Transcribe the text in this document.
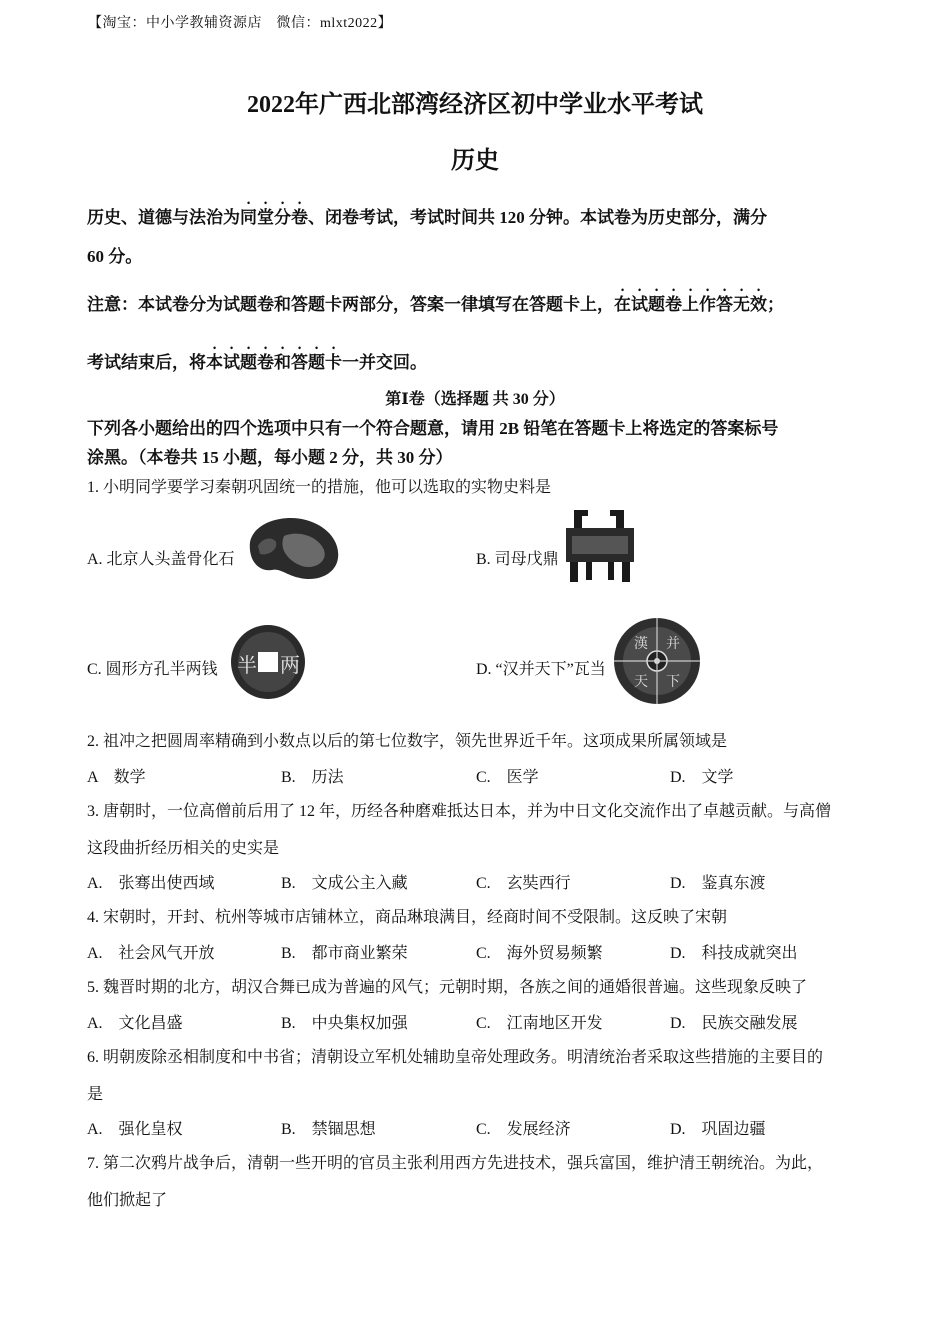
【淘宝：中小学教辅资源店　微信：mlxt2022】
2022年广西北部湾经济区初中学业水平考试
历史
历史、道德与法治为同堂分卷、闭卷考试，考试时间共 120 分钟。本试卷为历史部分，满分
60 分。
注意：本试卷分为试题卷和答题卡两部分，答案一律填写在答题卡上，在试题卷上作答无效；
考试结束后，将本试题卷和答题卡一并交回。
第Ⅰ卷（选择题 共 30 分）
下列各小题给出的四个选项中只有一个符合题意，请用 2B 铅笔在答题卡上将选定的答案标号
涂黑。（本卷共 15 小题，每小题 2 分，共 30 分）
1. 小明同学要学习秦朝巩固统一的措施，他可以选取的实物史料是
A. 北京人头盖骨化石	B. 司母戊鼎
C. 圆形方孔半两钱 半 两	D. “汉并天下”瓦当
漢 并
天 下
2. 祖冲之把圆周率精确到小数点以后的第七位数字，领先世界近千年。这项成果所属领域是
A　数学	B.　历法	C.　医学	D.　文学
3. 唐朝时，一位高僧前后用了 12 年，历经各种磨难抵达日本，并为中日文化交流作出了卓越贡献。与高僧
这段曲折经历相关的史实是
A.　张骞出使西域	B.　文成公主入藏	C.　玄奘西行	D.　鉴真东渡
4. 宋朝时，开封、杭州等城市店铺林立，商品琳琅满目，经商时间不受限制。这反映了宋朝
A.　社会风气开放	B.　都市商业繁荣	C.　海外贸易频繁	D.　科技成就突出
5. 魏晋时期的北方，胡汉合舞已成为普遍的风气；元朝时期，各族之间的通婚很普遍。这些现象反映了
A.　文化昌盛	B.　中央集权加强	C.　江南地区开发	D.　民族交融发展
6. 明朝废除丞相制度和中书省；清朝设立军机处辅助皇帝处理政务。明清统治者采取这些措施的主要目的
是
A.　强化皇权	B.　禁锢思想	C.　发展经济	D.　巩固边疆
7. 第二次鸦片战争后，清朝一些开明的官员主张利用西方先进技术，强兵富国，维护清王朝统治。为此，
他们掀起了
